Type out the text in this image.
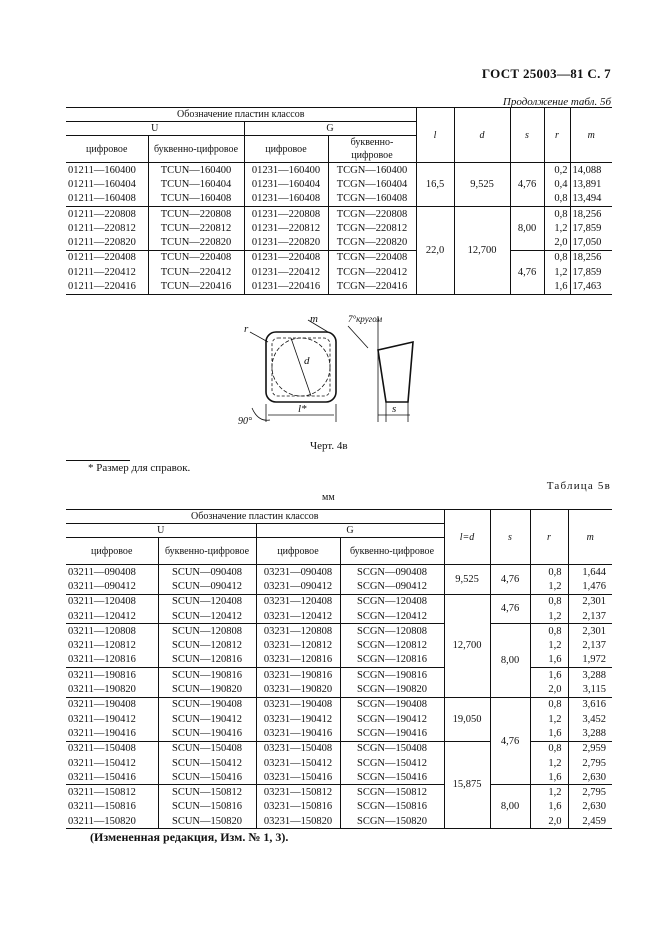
ГОСТ 25003—81 С. 7
Продолжение табл. 5б
Обозначение пластин классов				l	d	s	r	m
U		G						
цифровое	буквенно-цифровое	цифровое	буквенно-цифровое					
01211—160400	TCUN—160400	01231—160400	TCGN—160400	16,5	9,525	4,76	0,2	14,088
01211—160404	TCUN—160404	01231—160404	TCGN—160404				0,4	13,891
01211—160408	TCUN—160408	01231—160408	TCGN—160408				0,8	13,494
01211—220808	TCUN—220808	01231—220808	TCGN—220808	22,0	12,700	8,00	0,8	18,256
01211—220812	TCUN—220812	01231—220812	TCGN—220812				1,2	17,859
01211—220820	TCUN—220820	01231—220820	TCGN—220820				2,0	17,050
01211—220408	TCUN—220408	01231—220408	TCGN—220408			4,76	0,8	18,256
01211—220412	TCUN—220412	01231—220412	TCGN—220412				1,2	17,859
01211—220416	TCUN—220416	01231—220416	TCGN—220416				1,6	17,463
r
m
d
l*
7°кругом
90°
s
Черт. 4в
* Размер для справок.
Таблица 5в
мм
Обозначение пластин классов				l=d	s	r	m
U		G					
цифровое	буквенно-цифровое	цифровое	буквенно-цифровое				
03211—090408	SCUN—090408	03231—090408	SCGN—090408	9,525	4,76	0,8	1,644
03211—090412	SCUN—090412	03231—090412	SCGN—090412			1,2	1,476
03211—120408	SCUN—120408	03231—120408	SCGN—120408	12,700	4,76	0,8	2,301
03211—120412	SCUN—120412	03231—120412	SCGN—120412			1,2	2,137
03211—120808	SCUN—120808	03231—120808	SCGN—120808		8,00	0,8	2,301
03211—120812	SCUN—120812	03231—120812	SCGN—120812			1,2	2,137
03211—120816	SCUN—120816	03231—120816	SCGN—120816			1,6	1,972
03211—190816	SCUN—190816	03231—190816	SCGN—190816			1,6	3,288
03211—190820	SCUN—190820	03231—190820	SCGN—190820			2,0	3,115
03211—190408	SCUN—190408	03231—190408	SCGN—190408	19,050	4,76	0,8	3,616
03211—190412	SCUN—190412	03231—190412	SCGN—190412			1,2	3,452
03211—190416	SCUN—190416	03231—190416	SCGN—190416			1,6	3,288
03211—150408	SCUN—150408	03231—150408	SCGN—150408	15,875		0,8	2,959
03211—150412	SCUN—150412	03231—150412	SCGN—150412			1,2	2,795
03211—150416	SCUN—150416	03231—150416	SCGN—150416			1,6	2,630
03211—150812	SCUN—150812	03231—150812	SCGN—150812		8,00	1,2	2,795
03211—150816	SCUN—150816	03231—150816	SCGN—150816			1,6	2,630
03211—150820	SCUN—150820	03231—150820	SCGN—150820			2,0	2,459
(Измененная редакция, Изм. № 1, 3).
